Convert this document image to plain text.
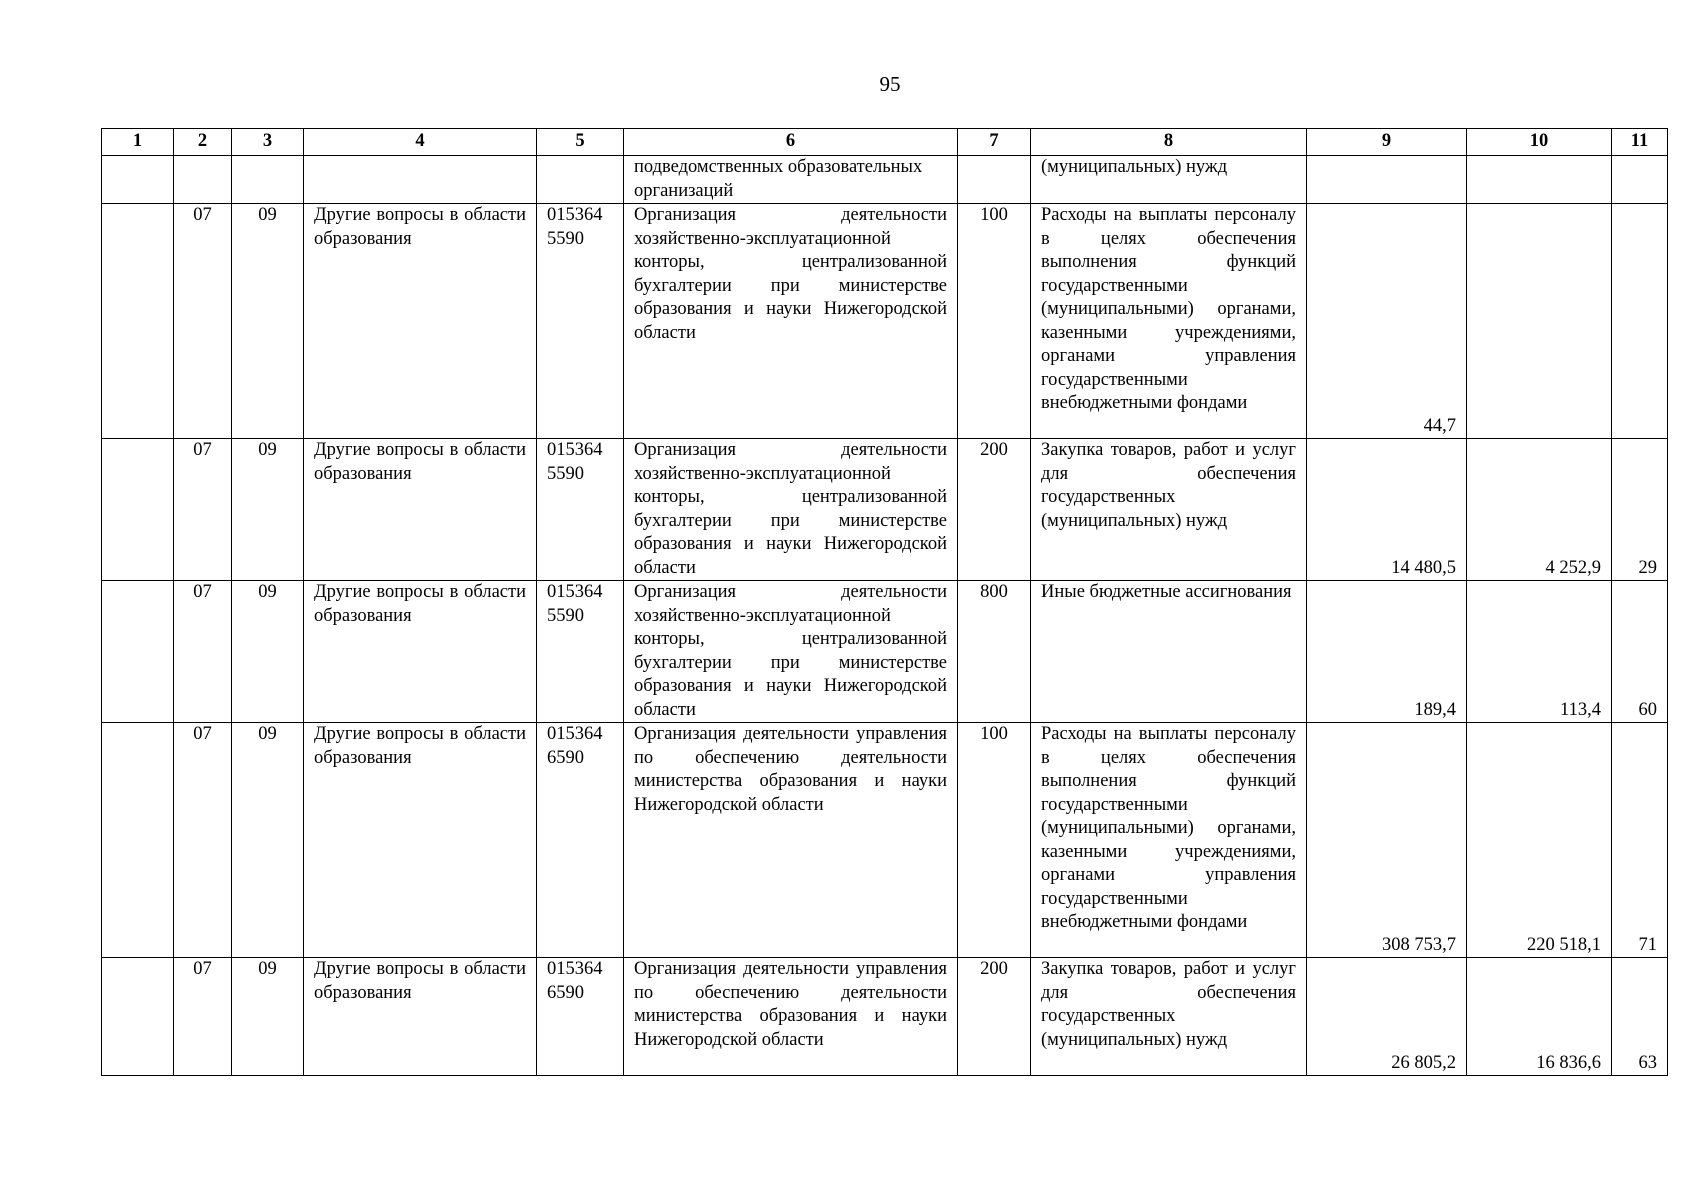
95
1	2	3	4	5	6	7	8	9	10	11
					подведомственных образовательных организаций		(муниципальных) нужд	

	07	09	Другие вопросы в области образования	015364 5590	Организация деятельности хозяйственно-эксплуатационной конторы, централизованной бухгалтерии при министерстве образования и науки Нижегородской области	100	Расходы на выплаты персоналу в целях обеспечения выполнения функций государственными (муниципальными) органами, казенными учреждениями, органами управления государственными внебюджетными фондами	44,7		

	07	09	Другие вопросы в области образования	015364 5590	Организация деятельности хозяйственно-эксплуатационной конторы, централизованной бухгалтерии при министерстве образования и науки Нижегородской области	200	Закупка товаров, работ и услуг для обеспечения государственных (муниципальных) нужд	14 480,5	4 252,9	29

	07	09	Другие вопросы в области образования	015364 5590	Организация деятельности хозяйственно-эксплуатационной конторы, централизованной бухгалтерии при министерстве образования и науки Нижегородской области	800	Иные бюджетные ассигнования	189,4	113,4	60

	07	09	Другие вопросы в области образования	015364 6590	Организация деятельности управления по обеспечению деятельности министерства образования и науки Нижегородской области	100	Расходы на выплаты персоналу в целях обеспечения выполнения функций государственными (муниципальными) органами, казенными учреждениями, органами управления государственными внебюджетными фондами	308 753,7	220 518,1	71

	07	09	Другие вопросы в области образования	015364 6590	Организация деятельности управления по обеспечению деятельности министерства образования и науки Нижегородской области	200	Закупка товаров, работ и услуг для обеспечения государственных (муниципальных) нужд	26 805,2	16 836,6	63
